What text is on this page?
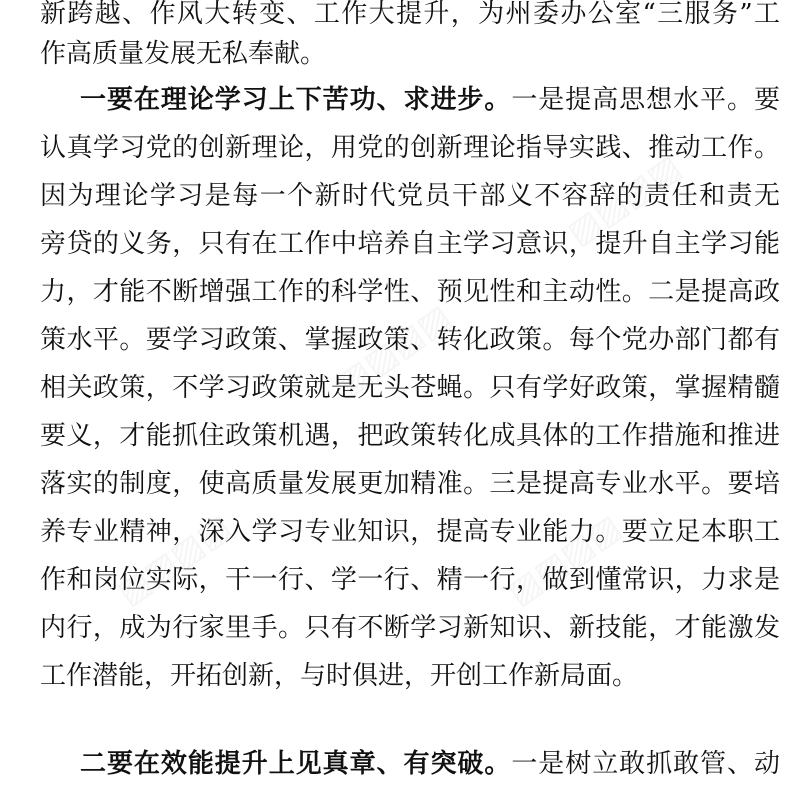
▨▨▨▨
▨▨▨▨
▨▨▨▨	▨▨▨▨
新跨越、作风大转变、工作大提升，为州委办公室“三服务”工
作高质量发展无私奉献。
一要在理论学习上下苦功、求进步。一是提高思想水平。要
认真学习党的创新理论，用党的创新理论指导实践、推动工作。
因为理论学习是每一个新时代党员干部义不容辞的责任和责无
旁贷的义务，只有在工作中培养自主学习意识，提升自主学习能
力，才能不断增强工作的科学性、预见性和主动性。二是提高政
策水平。要学习政策、掌握政策、转化政策。每个党办部门都有
相关政策，不学习政策就是无头苍蝇。只有学好政策，掌握精髓
要义，才能抓住政策机遇，把政策转化成具体的工作措施和推进
落实的制度，使高质量发展更加精准。三是提高专业水平。要培
养专业精神，深入学习专业知识，提高专业能力。要立足本职工
作和岗位实际，干一行、学一行、精一行，做到懂常识，力求是
内行，成为行家里手。只有不断学习新知识、新技能，才能激发
工作潜能，开拓创新，与时俱进，开创工作新局面。
二要在效能提升上见真章、有突破。一是树立敢抓敢管、动
